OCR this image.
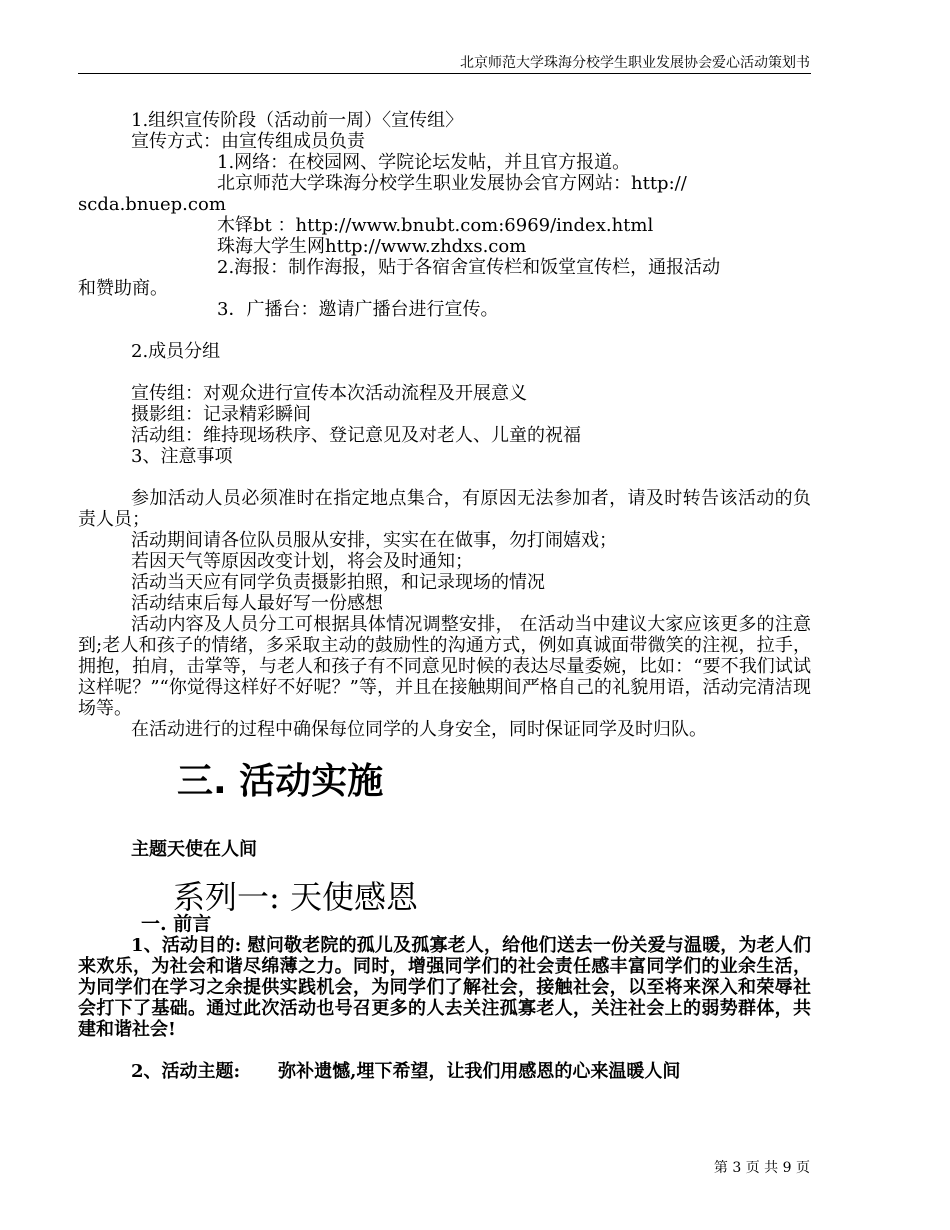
北京师范大学珠海分校学生职业发展协会爱心活动策划书

1.组织宣传阶段（活动前一周）〈宣传组〉

宣传方式：由宣传组成员负责

1.网络：在校园网、学院论坛发帖，并且官方报道。

北京师范大学珠海分校学生职业发展协会官方网站：http://

scda.bnuep.com

木铎bt ：http://www.bnubt.com:6969/index.html

珠海大学生网http://www.zhdxs.com

2.海报：制作海报，贴于各宿舍宣传栏和饭堂宣传栏，通报活动

和赞助商。

3．广播台：邀请广播台进行宣传。

2.成员分组

宣传组：对观众进行宣传本次活动流程及开展意义

摄影组：记录精彩瞬间

活动组：维持现场秩序、登记意见及对老人、儿童的祝福

3、注意事项

参加活动人员必须准时在指定地点集合，有原因无法参加者，请及时转告该活动的负责人员；

活动期间请各位队员服从安排，实实在在做事，勿打闹嬉戏；

若因天气等原因改变计划，将会及时通知；

活动当天应有同学负责摄影拍照，和记录现场的情况

活动结束后每人最好写一份感想

活动内容及人员分工可根据具体情况调整安排， 在活动当中建议大家应该更多的注意到;老人和孩子的情绪，多采取主动的鼓励性的沟通方式，例如真诚面带微笑的注视，拉手，拥抱，拍肩，击掌等，与老人和孩子有不同意见时候的表达尽量委婉，比如：“要不我们试试这样呢？”“你觉得这样好不好呢？”等，并且在接触期间严格自己的礼貌用语，活动完清洁现场等。

在活动进行的过程中确保每位同学的人身安全，同时保证同学及时归队。

三. 活动实施

主题天使在人间

系列一: 天使感恩

一. 前言

1、活动目的: 慰问敬老院的孤儿及孤寡老人，给他们送去一份关爱与温暖，为老人们来欢乐，为社会和谐尽绵薄之力。同时，增强同学们的社会责任感丰富同学们的业余生活，为同学们在学习之余提供实践机会，为同学们了解社会，接触社会，以至将来深入和荣辱社会打下了基础。通过此次活动也号召更多的人去关注孤寡老人，关注社会上的弱势群体，共建和谐社会!

2、活动主题: 弥补遗憾,埋下希望，让我们用感恩的心来温暖人间

第 3 页 共 9 页
